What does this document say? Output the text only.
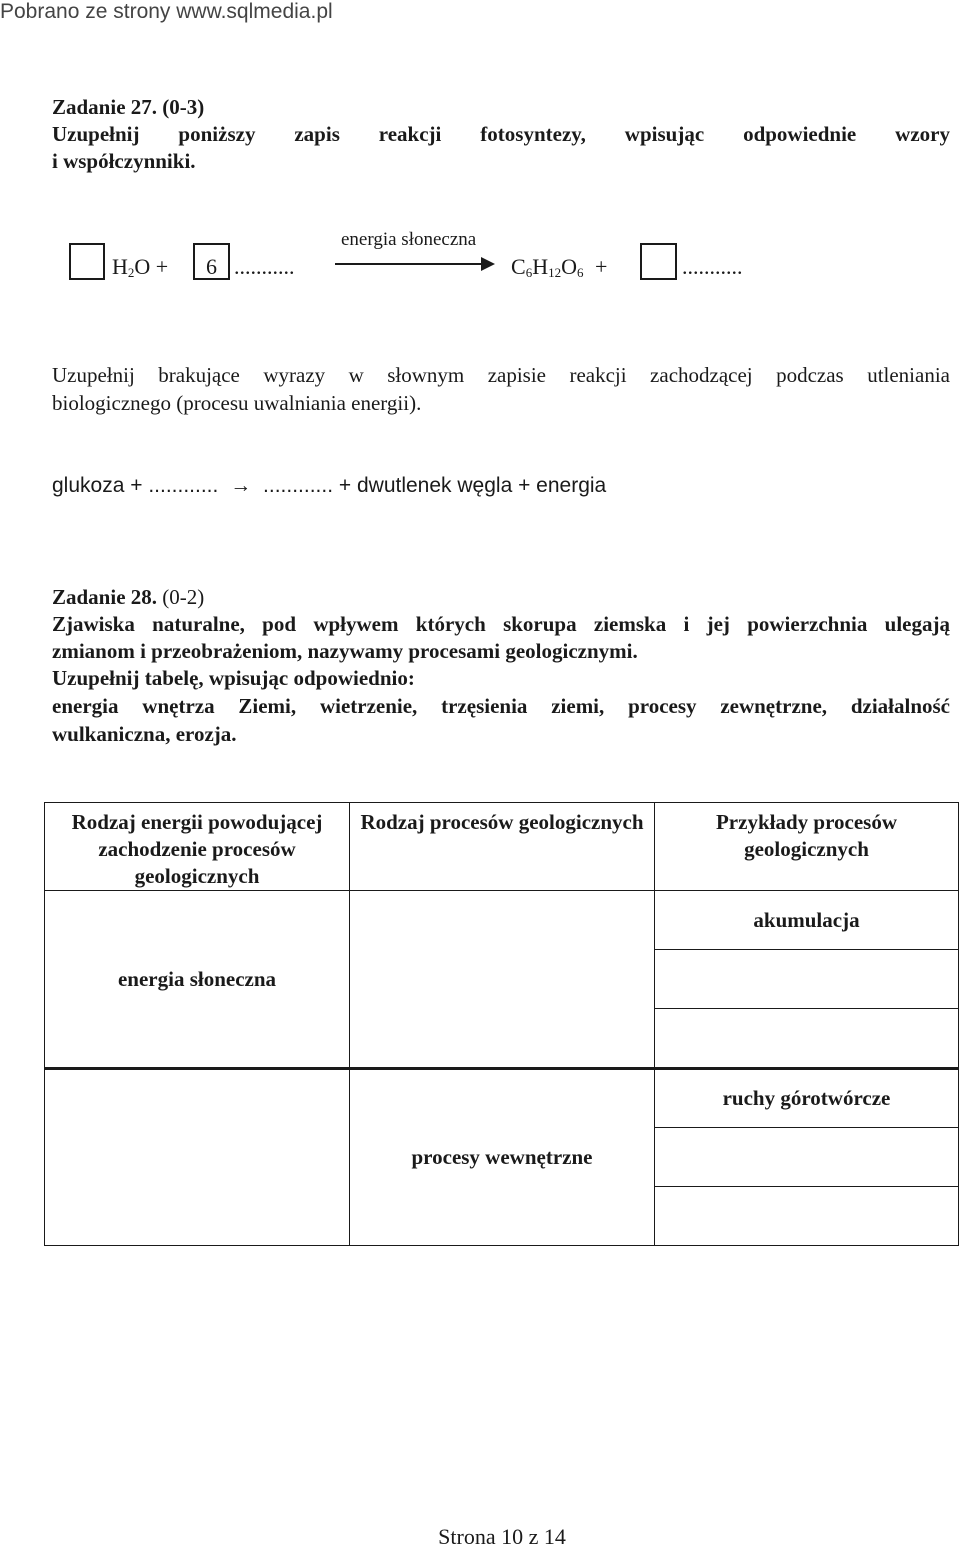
Pobrano ze strony www.sqlmedia.pl
Zadanie 27. (0-3)
Uzupełnij poniższy zapis reakcji fotosyntezy, wpisując odpowiednie wzory
i współczynniki.
$H_2O$ +	6 ...........
energia słoneczna
$C_6H_{12}O_6$ +	...........
Uzupełnij brakujące wyrazy w słownym zapisie reakcji zachodzącej podczas utleniania
biologicznego (procesu uwalniania energii).
glukoza + ............ → ............ + dwutlenek węgla + energia
Zadanie 28. (0-2)
Zjawiska naturalne, pod wpływem których skorupa ziemska i jej powierzchnia ulegają
zmianom i przeobrażeniom, nazywamy procesami geologicznymi.
Uzupełnij tabelę, wpisując odpowiednio:
energia wnętrza Ziemi, wietrzenie, trzęsienia ziemi, procesy zewnętrzne, działalność
wulkaniczna, erozja.
Rodzaj energii powodującej zachodzenie procesów geologicznych	Rodzaj procesów geologicznych	Przykłady procesów geologicznych
energia słoneczna		akumulacja

	procesy wewnętrzne	ruchy górotwórcze

Strona 10 z 14
